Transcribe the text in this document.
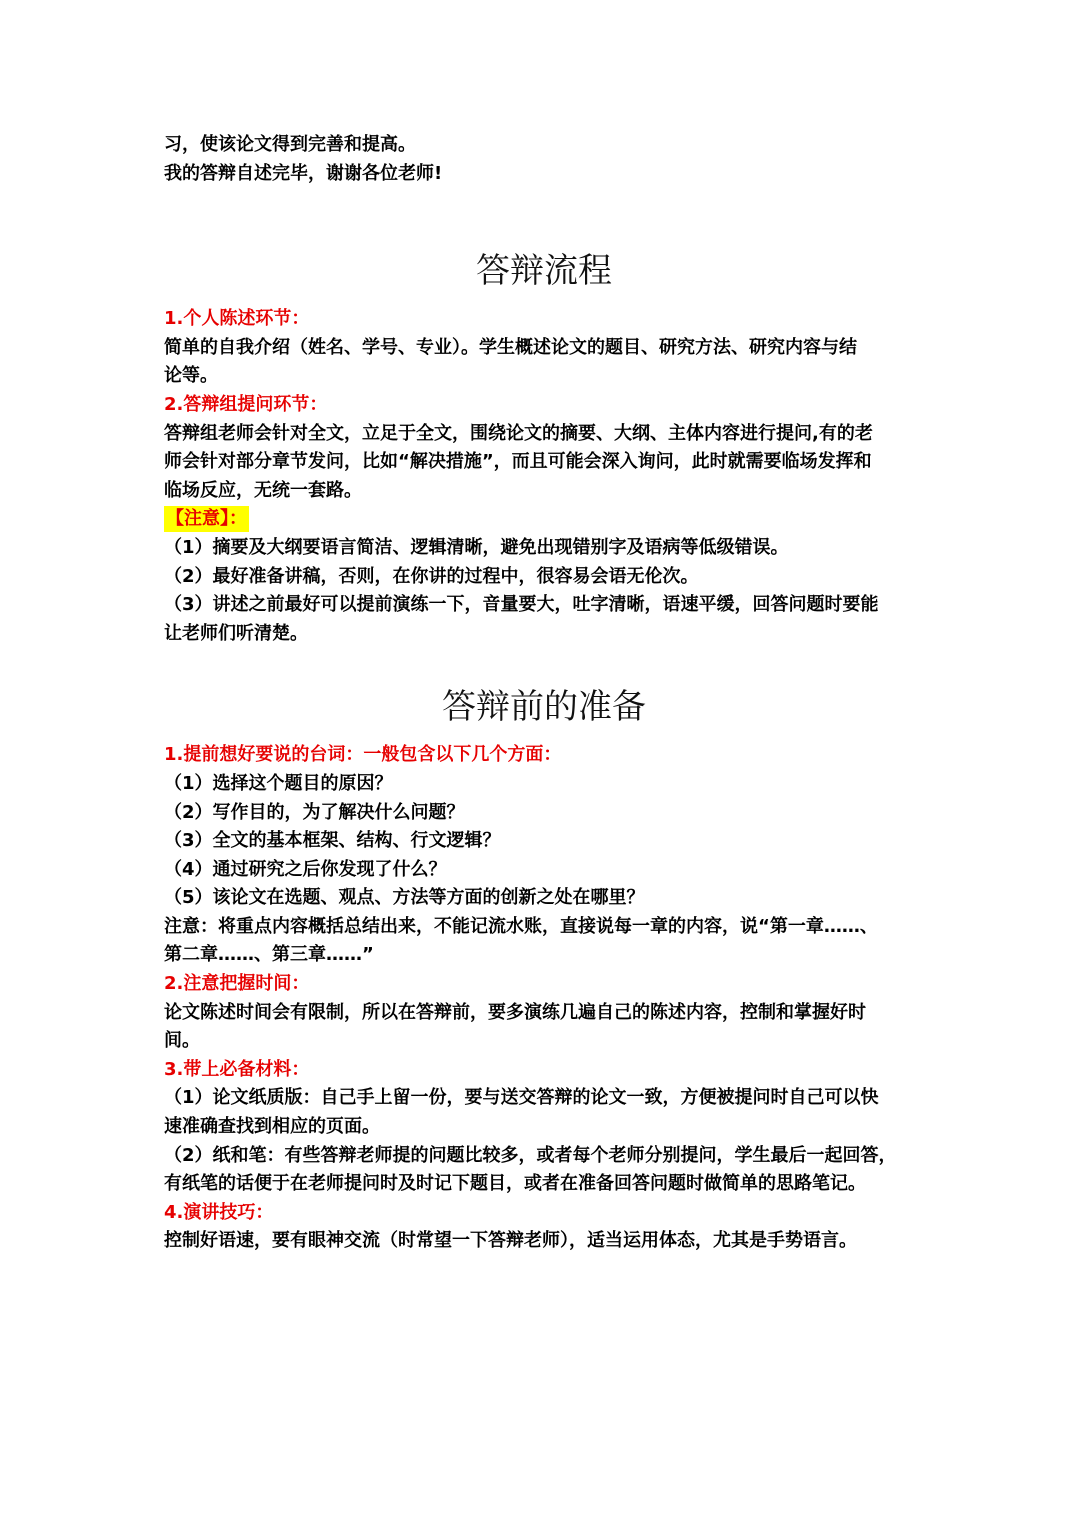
习，使该论文得到完善和提高。

我的答辩自述完毕，谢谢各位老师!

答辩流程

1.个人陈述环节：

简单的自我介绍（姓名、学号、专业）。学生概述论文的题目、研究方法、研究内容与结

论等。

2.答辩组提问环节：

答辩组老师会针对全文，立足于全文，围绕论文的摘要、大纲、主体内容进行提问,有的老

师会针对部分章节发问，比如“解决措施”，而且可能会深入询问，此时就需要临场发挥和

临场反应，无统一套路。

【注意】：

（1）摘要及大纲要语言简洁、逻辑清晰，避免出现错别字及语病等低级错误。

（2）最好准备讲稿，否则，在你讲的过程中，很容易会语无伦次。

（3）讲述之前最好可以提前演练一下，音量要大，吐字清晰，语速平缓，回答问题时要能

让老师们听清楚。

答辩前的准备

1.提前想好要说的台词：一般包含以下几个方面：

（1）选择这个题目的原因？

（2）写作目的，为了解决什么问题？

（3）全文的基本框架、结构、行文逻辑？

（4）通过研究之后你发现了什么？

（5）该论文在选题、观点、方法等方面的创新之处在哪里？

注意：将重点内容概括总结出来，不能记流水账，直接说每一章的内容，说“第一章……、

第二章……、第三章……”

2.注意把握时间：

论文陈述时间会有限制，所以在答辩前，要多演练几遍自己的陈述内容，控制和掌握好时

间。

3.带上必备材料：

（1）论文纸质版：自己手上留一份，要与送交答辩的论文一致，方便被提问时自己可以快

速准确查找到相应的页面。

（2）纸和笔：有些答辩老师提的问题比较多，或者每个老师分别提问，学生最后一起回答，

有纸笔的话便于在老师提问时及时记下题目，或者在准备回答问题时做简单的思路笔记。

4.演讲技巧：

控制好语速，要有眼神交流（时常望一下答辩老师），适当运用体态，尤其是手势语言。
